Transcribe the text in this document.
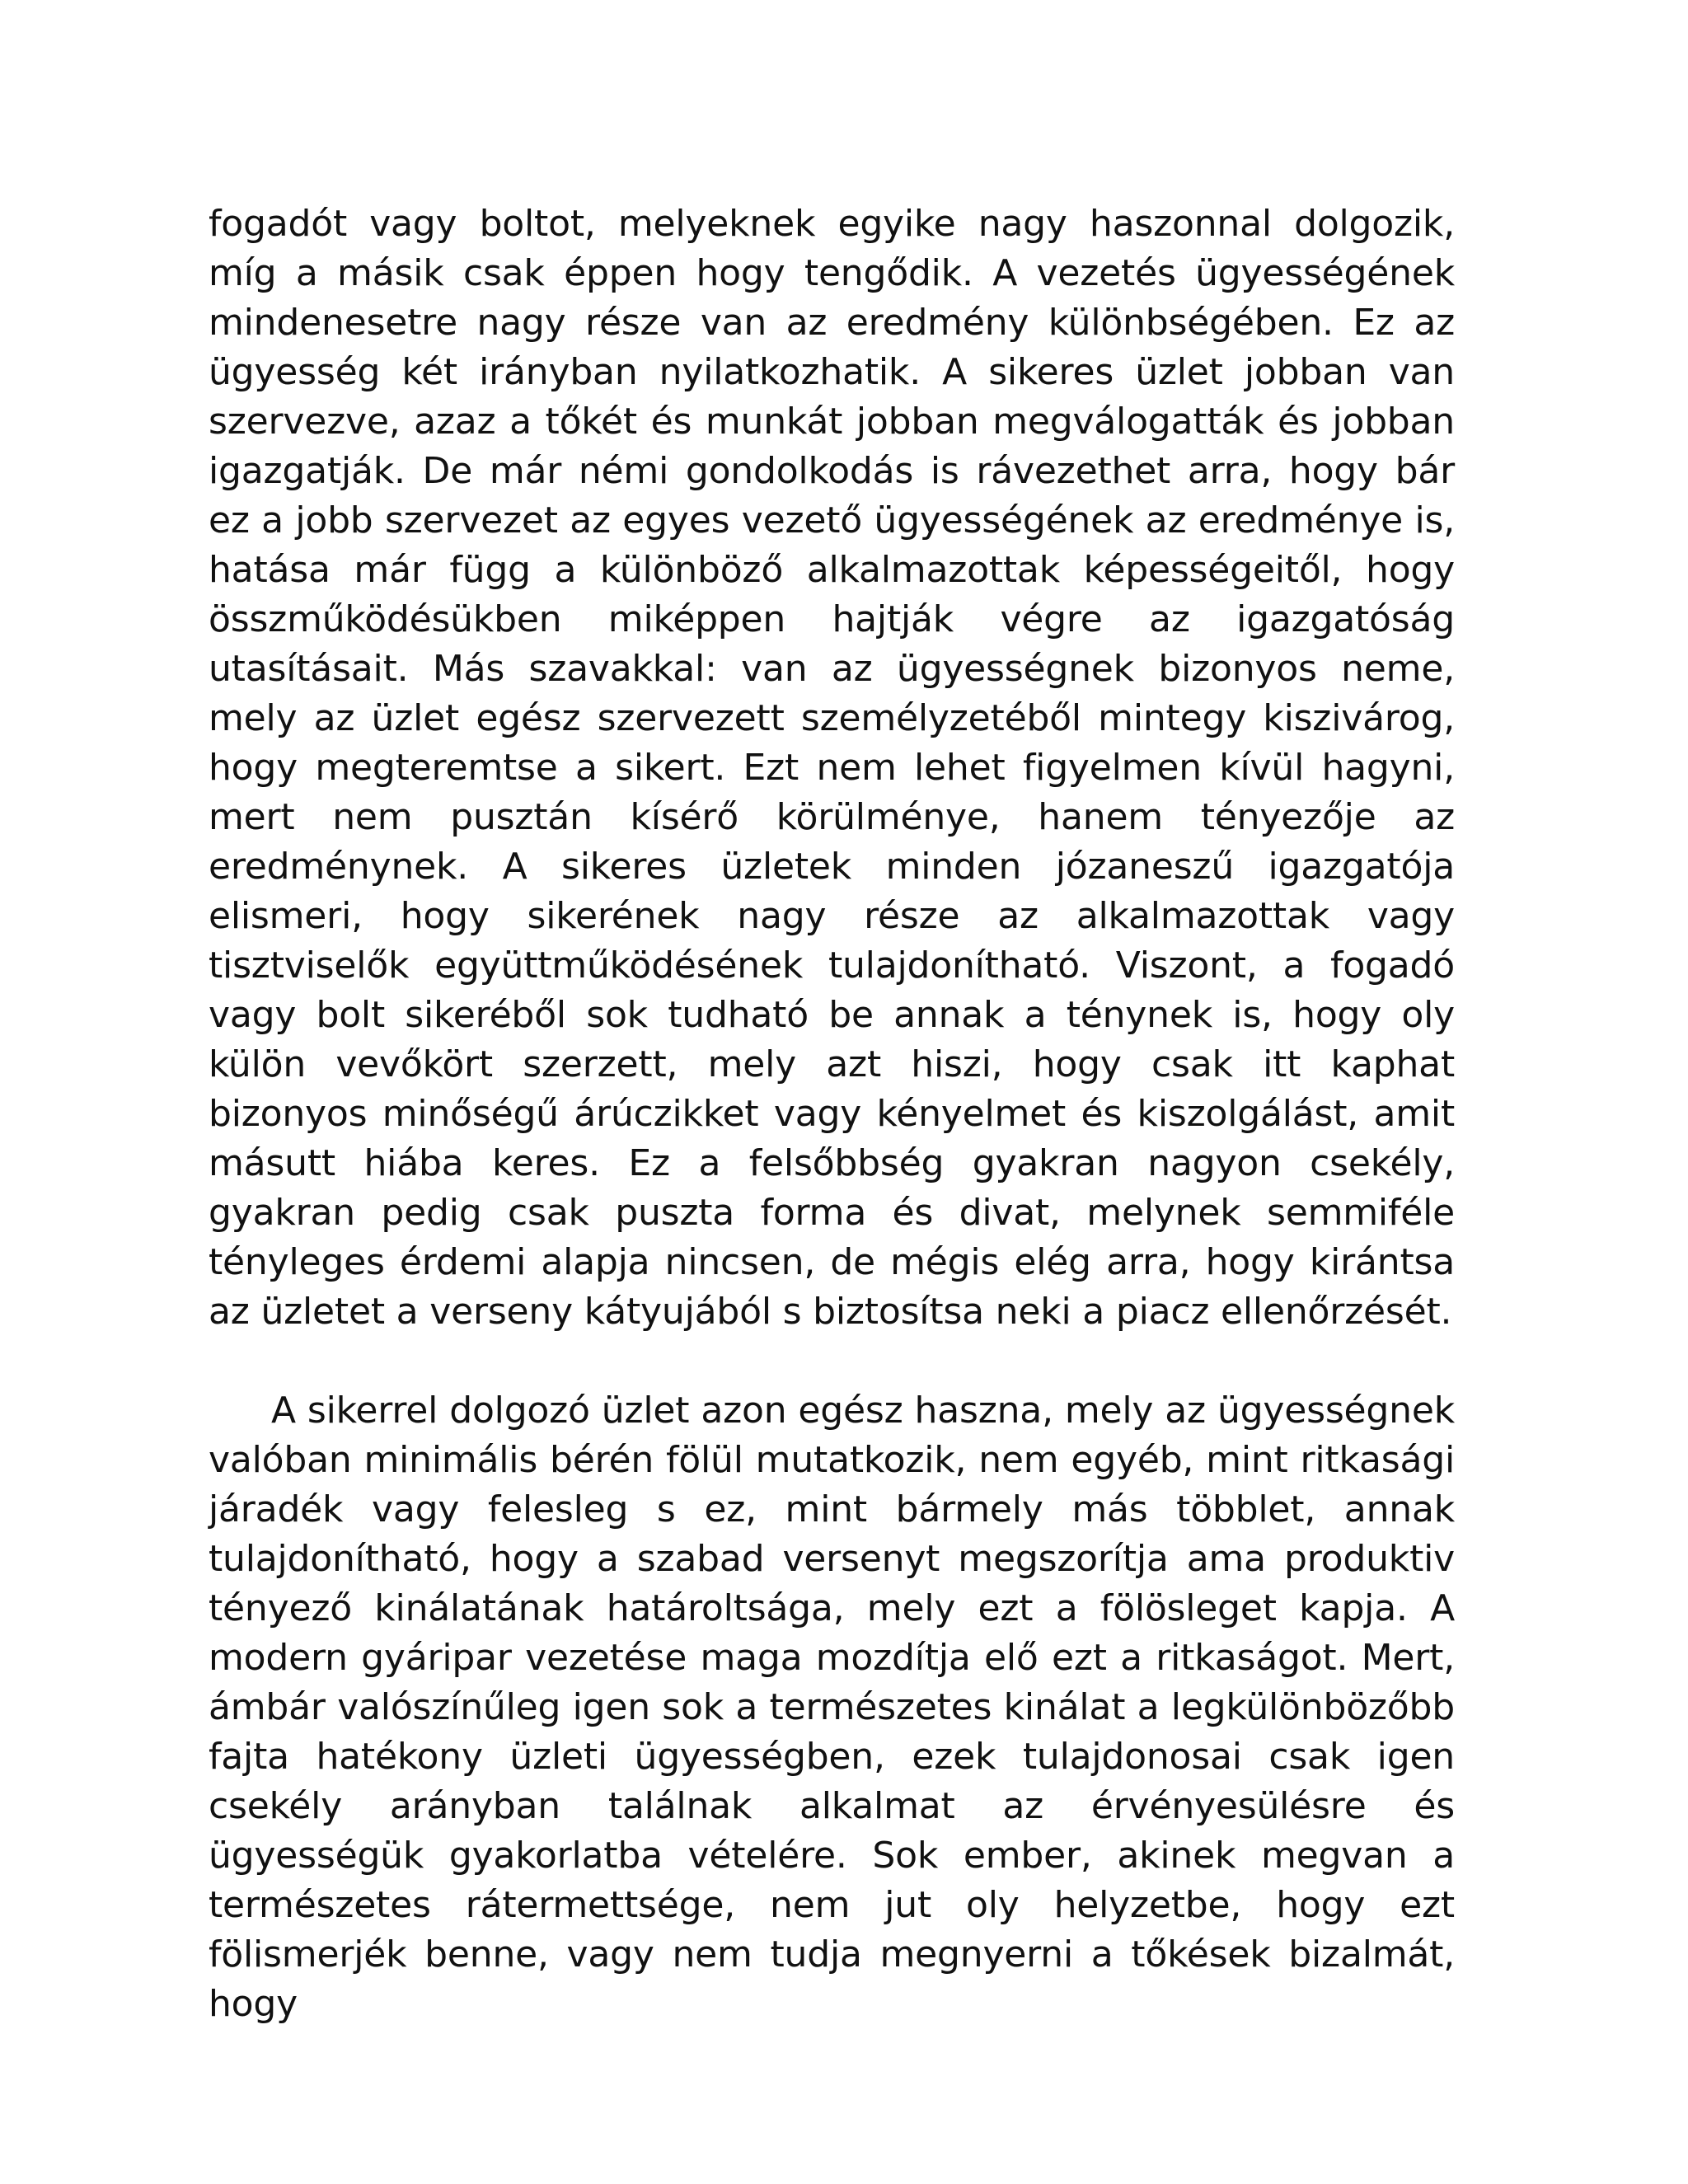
fogadót vagy boltot, melyeknek egyike nagy haszonnal dolgozik, míg a másik csak éppen hogy tengődik. A vezetés ügyességének mindenesetre nagy része van az eredmény különbségében. Ez az ügyesség két irányban nyilatkozhatik. A sikeres üzlet jobban van szervezve, azaz a tőkét és munkát jobban megválogatták és jobban igazgatják. De már némi gondolkodás is rávezethet arra, hogy bár ez a jobb szervezet az egyes vezető ügyességének az eredménye is, hatása már függ a különböző alkalmazottak képességeitől, hogy összműködésükben miképpen hajtják végre az igazgatóság utasításait. Más szavakkal: van az ügyességnek bizonyos neme, mely az üzlet egész szervezett személyzetéből mintegy kiszivárog, hogy megteremtse a sikert. Ezt nem lehet figyelmen kívül hagyni, mert nem pusztán kísérő körülménye, hanem tényezője az eredménynek. A sikeres üzletek minden józaneszű igazgatója elismeri, hogy sikerének nagy része az alkalmazottak vagy tisztviselők együttműködésének tulajdonítható. Viszont, a fogadó vagy bolt sikeréből sok tudható be annak a ténynek is, hogy oly külön vevőkört szerzett, mely azt hiszi, hogy csak itt kaphat bizonyos minőségű árúczikket vagy kényelmet és kiszolgálást, amit másutt hiába keres. Ez a felsőbbség gyakran nagyon csekély, gyakran pedig csak puszta forma és divat, melynek semmiféle tényleges érdemi alapja nincsen, de mégis elég arra, hogy kirántsa az üzletet a verseny kátyujából s biztosítsa neki a piacz ellenőrzését.

A sikerrel dolgozó üzlet azon egész haszna, mely az ügyességnek valóban minimális bérén fölül mutatkozik, nem egyéb, mint ritkasági járadék vagy felesleg s ez, mint bármely más többlet, annak tulajdonítható, hogy a szabad versenyt megszorítja ama produktiv tényező kinálatának határoltsága, mely ezt a fölösleget kapja. A modern gyáripar vezetése maga mozdítja elő ezt a ritkaságot. Mert, ámbár valószínűleg igen sok a természetes kinálat a legkülönbözőbb fajta hatékony üzleti ügyességben, ezek tulajdonosai csak igen csekély arányban találnak alkalmat az érvényesülésre és ügyességük gyakorlatba vételére. Sok ember, akinek megvan a természetes rátermettsége, nem jut oly helyzetbe, hogy ezt fölismerjék benne, vagy nem tudja megnyerni a tőkések bizalmát, hogy
